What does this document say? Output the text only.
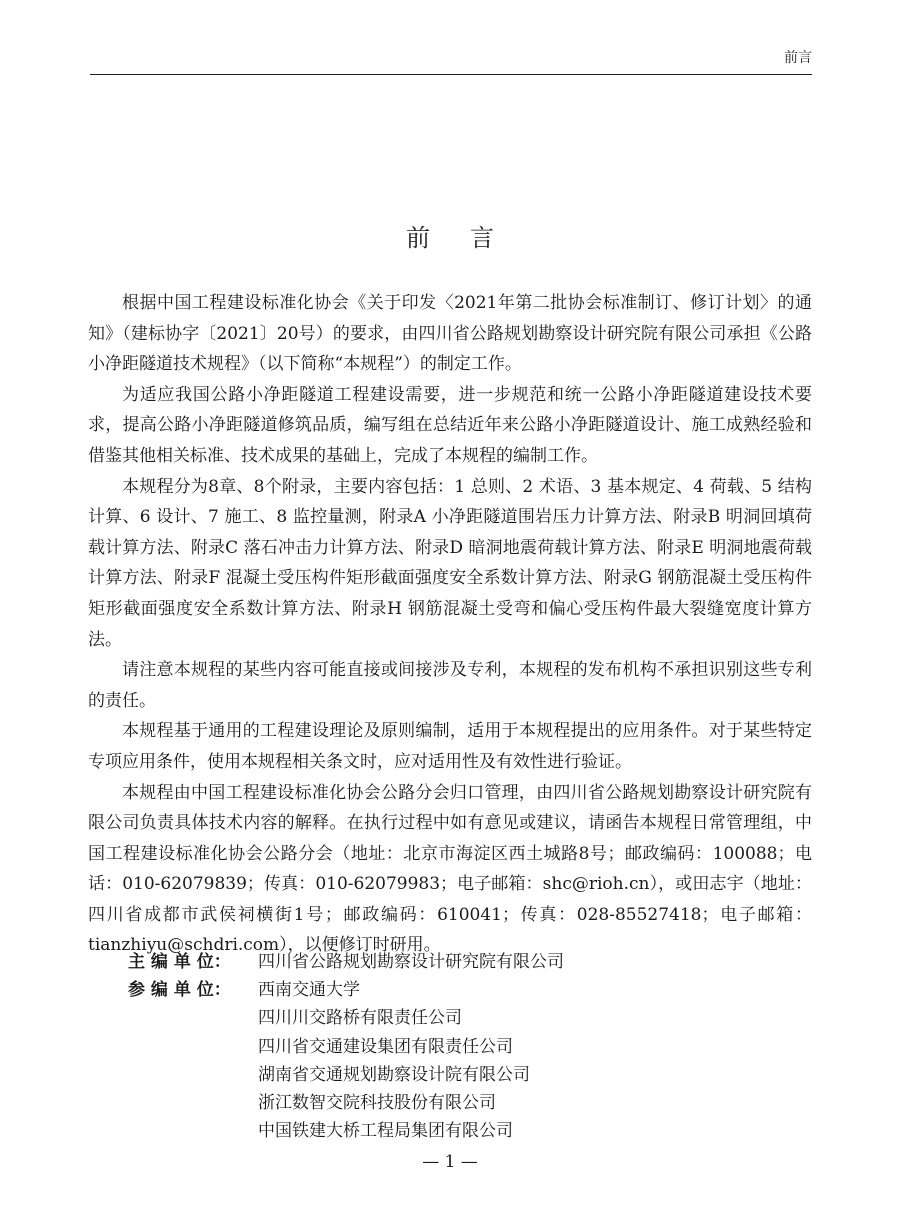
前言
前言

根据中国工程建设标准化协会《关于印发〈2021年第二批协会标准制订、修订计划〉的通知》（建标协字〔2021〕20号）的要求，由四川省公路规划勘察设计研究院有限公司承担《公路小净距隧道技术规程》（以下简称“本规程”）的制定工作。

为适应我国公路小净距隧道工程建设需要，进一步规范和统一公路小净距隧道建设技术要求，提高公路小净距隧道修筑品质，编写组在总结近年来公路小净距隧道设计、施工成熟经验和借鉴其他相关标准、技术成果的基础上，完成了本规程的编制工作。

本规程分为8章、8个附录，主要内容包括：1 总则、2 术语、3 基本规定、4 荷载、5 结构计算、6 设计、7 施工、8 监控量测，附录A 小净距隧道围岩压力计算方法、附录B 明洞回填荷载计算方法、附录C 落石冲击力计算方法、附录D 暗洞地震荷载计算方法、附录E 明洞地震荷载计算方法、附录F 混凝土受压构件矩形截面强度安全系数计算方法、附录G 钢筋混凝土受压构件矩形截面强度安全系数计算方法、附录H 钢筋混凝土受弯和偏心受压构件最大裂缝宽度计算方法。

请注意本规程的某些内容可能直接或间接涉及专利，本规程的发布机构不承担识别这些专利的责任。

本规程基于通用的工程建设理论及原则编制，适用于本规程提出的应用条件。对于某些特定专项应用条件，使用本规程相关条文时，应对适用性及有效性进行验证。

本规程由中国工程建设标准化协会公路分会归口管理，由四川省公路规划勘察设计研究院有限公司负责具体技术内容的解释。在执行过程中如有意见或建议，请函告本规程日常管理组，中国工程建设标准化协会公路分会（地址：北京市海淀区西土城路8号；邮政编码：100088；电话：010-62079839；传真：010-62079983；电子邮箱：shc@rioh.cn），或田志宇（地址：四川省成都市武侯祠横街1号；邮政编码：610041；传真：028-85527418；电子邮箱：tianzhiyu@schdri.com），以便修订时研用。

主 编 单 位：	四川省公路规划勘察设计研究院有限公司
参 编 单 位：	西南交通大学
四川川交路桥有限责任公司
四川省交通建设集团有限责任公司
湖南省交通规划勘察设计院有限公司
浙江数智交院科技股份有限公司
中国铁建大桥工程局集团有限公司
— 1 —
